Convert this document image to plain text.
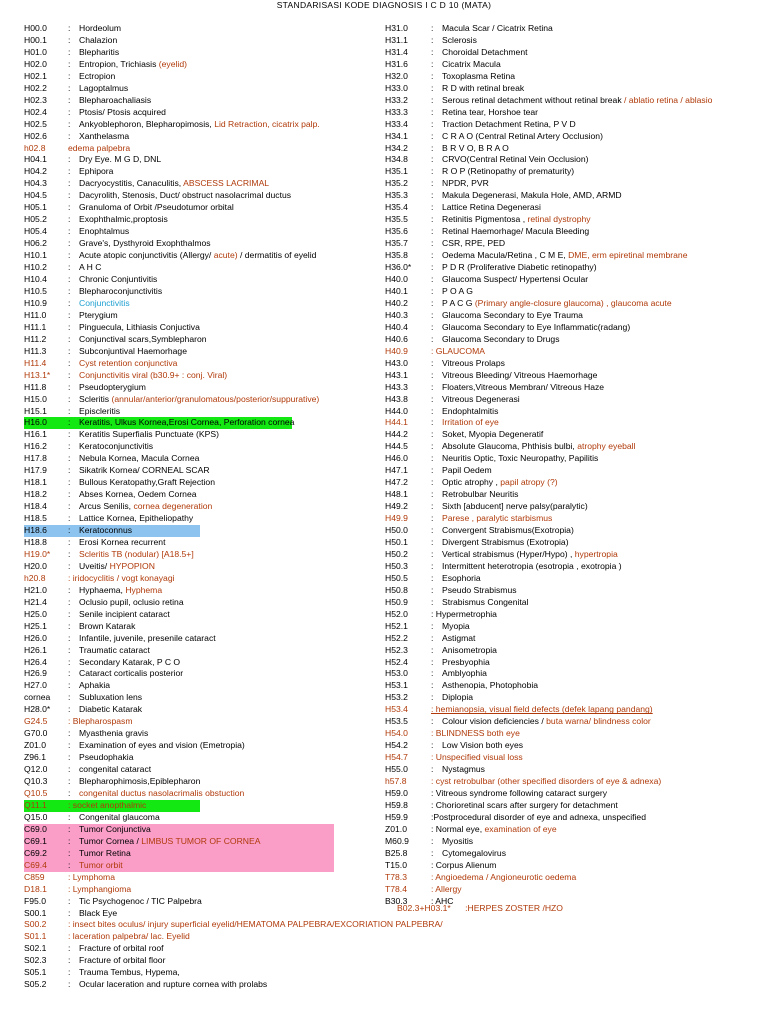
STANDARISASI KODE DIAGNOSIS I C D 10 (MATA)
H00.0 : Hordeolum
H00.1 : Chalazion
H01.0 : Blepharitis
H02.0 : Entropion, Trichiasis (eyelid)
H02.1 : Ectropion
H02.2 : Lagoptalmus
H02.3 : Blepharoachaliasis
H02.4 : Ptosis/ Ptosis acquired
H02.5 : Ankyoblephoron, Blepharopimosis, Lid Retraction, cicatrix palp.
H02.6 : Xanthelasma
h02.8	edema palpebra
H04.1 : Dry Eye. M G D, DNL
H04.2 : Ephipora
H04.3 : Dacryocystitis, Canaculitis, ABSCESS LACRIMAL
H04.5 : Dacyrolith, Stenosis, Duct/ obstruct nasolacrimal ductus
H05.1 : Granuloma of Orbit /Pseudotumor orbital
H05.2 : Exophthalmic,proptosis
H05.4 : Enophtalmus
H06.2 : Grave's, Dysthyroid Exophthalmos
H10.1 : Acute atopic conjunctivitis (Allergy/ acute) / dermatitis of eyelid
H10.2 : A H C
H10.4 : Chronic Conjuntivitis
H10.5 : Blepharoconjunctivitis
H10.9 : Conjunctivitis
H11.0	: Pterygium
H11.1	: Pinguecula, Lithiasis Conjuctiva
H11.2	: Conjunctival scars,Symblepharon
H11.3	: Subconjuntival Haemorhage
H11.4	: Cyst retention conjunctiva
H13.1* : Conjunctivitis viral (b30.9+ : conj. Viral)
H11.8	: Pseudopterygium
H15.0 : Scleritis (annular/anterior/granulomatous/posterior/suppurative)
H15.1 : Episcleritis
H16.0 : Keratitis, Ulkus Kornea,Erosi Cornea, Perforation cornea
H16.1 : Keratitis Superfialis Punctuate (KPS)
H16.2 : Keratoconjunctivitis
H17.8 : Nebula Kornea, Macula Cornea
H17.9 : Sikatrik Kornea/ CORNEAL SCAR
H18.1 : Bullous Keratopathy,Graft Rejection
H18.2 : Abses Kornea, Oedem Cornea
H18.4 : Arcus Senilis, cornea degeneration
H18.5 : Lattice Kornea, Epitheliopathy
H18.6 : Keratoconnus
H18.8 : Erosi Kornea recurrent
H19.0* : Scleritis TB (nodular) [A18.5+]
H20.0 : Uveitis/ HYPOPION
h20.8	: iridocyclitis / vogt konayagi
H21.0 : Hyphaema, Hyphema
H21.4 : Oclusio pupil, oclusio retina
H25.0 : Senile incipient cataract
H25.1 : Brown Katarak
H26.0 : Infantile, juvenile, presenile cataract
H26.1 : Traumatic cataract
H26.4 : Secondary Katarak, P C O
H26.9 : Cataract corticalis posterior
H27.0 : Aphakia
cornea : Subluxation lens
H28.0* : Diabetic Katarak
G24.5 : Blepharospasm
G70.0 : Myasthenia gravis
Z01.0	: Examination of eyes and vision (Emetropia)
Z96.1	: Pseudophakia
Q12.0 : congenital cataract
Q10.3 : Blepharophimosis,Epiblepharon
Q10.5 : congenital ductus nasolacrimalis obstuction
Q11.1 : socket anopthalmic
Q15.0 : Congenital glaucoma
C69.0 : Tumor Conjunctiva
C69.1 : Tumor Cornea / LIMBUS TUMOR OF CORNEA
C69.2 : Tumor Retina
C69.4 : Tumor orbit
C859	: Lymphoma
D18.1 : Lymphangioma
F95.0	: Tic Psychogenoc / TIC Palpebra
S00.1	: Black Eye
S00.2	: insect bites oculus/ injury superficial eyelid/HEMATOMA PALPEBRA/EXCORIATION PALPEBRA/
S01.1	: laceration palpebra/ lac. Eyelid
S02.1	: Fracture of orbital roof
S02.3	: Fracture of orbital floor
S05.1	: Trauma Tembus, Hypema,
S05.2	: Ocular laceration and rupture cornea with prolabs
H31.0	: Macula Scar / Cicatrix Retina
H31.1	: Sclerosis
H31.4	: Choroidal Detachment
H31.6	: Cicatrix Macula
H32.0	: Toxoplasma Retina
H33.0	: R D with retinal break
H33.2	: Serous retinal detachment without retinal break / ablatio retina / ablasio
H33.3	: Retina tear, Horshoe tear
H33.4	: Traction Detachment Retina, P V D
H34.1	: C R A O (Central Retinal Artery Occlusion)
H34.2	: B R V O, B R A O
H34.8	: CRVO(Central Retinal Vein Occlusion)
H35.1	: R O P (Retinopathy of prematurity)
H35.2	: NPDR, PVR
H35.3	: Makula Degenerasi, Makula Hole, AMD, ARMD
H35.4	: Lattice Retina Degenerasi
H35.5	: Retinitis Pigmentosa , retinal dystrophy
H35.6	: Retinal Haemorhage/ Macula Bleeding
H35.7	: CSR, RPE, PED
H35.8	: Oedema Macula/Retina , C M E, DME, erm epiretinal membrane
H36.0* : P D R (Proliferative Diabetic retinopathy)
H40.0	: Glaucoma Suspect/ Hypertensi Ocular
H40.1	: P O A G
H40.2	: P A C G (Primary angle-closure glaucoma) , glaucoma acute
H40.3	: Glaucoma Secondary to Eye Trauma
H40.4	: Glaucoma Secondary to Eye Inflammatic(radang)
H40.6	: Glaucoma Secondary to Drugs
H40.9	: GLAUCOMA
H43.0	: Vitreous Prolaps
H43.1	: Vitreous Bleeding/ Vitreous Haemorhage
H43.3	: Floaters,Vitreous Membran/ Vitreous Haze
H43.8	: Vitreous Degenerasi
H44.0	: Endophtalmitis
H44.1	: Irritation of eye
H44.2	: Soket, Myopia Degeneratif
H44.5	: Absolute Glaucoma, Phthisis bulbi, atrophy eyeball
H46.0	: Neuritis Optic, Toxic Neuropathy, Papilitis
H47.1	: Papil Oedem
H47.2	: Optic atrophy , papil atropy (?)
H48.1	: Retrobulbar Neuritis
H49.2	: Sixth [abducent] nerve palsy(paralytic)
H49.9	: Parese , paralytic starbismus
H50.0	: Convergent Strabismus(Exotropia)
H50.1	: Divergent Strabismus (Exotropia)
H50.2	: Vertical strabismus (Hyper/Hypo) , hypertropia
H50.3	: Intermittent heterotropia (esotropia , exotropia )
H50.5	: Esophoria
H50.8	: Pseudo Strabismus
H50.9	: Strabismus Congenital
H52.0	: Hypermetrophia
H52.1	: Myopia
H52.2	: Astigmat
H52.3	: Anisometropia
H52.4	: Presbyophia
H53.0	: Amblyophia
H53.1	: Asthenopia, Photophobia
H53.2	: Diplopia
H53.4	: hemianopsia, visual field defects (defek lapang pandang)
H53.5	: Colour vision deficiencies / buta warna/ blindness color
H54.0	: BLINDNESS both eye
H54.2	: Low Vision both eyes
H54.7	: Unspecified visual loss
H55.0	: Nystagmus
h57.8	: cyst retrobulbar (other specified disorders of eye & adnexa)
H59.0	: Vitreous syndrome following cataract surgery
H59.8	: Chorioretinal scars after surgery for detachment
H59.9	:Postprocedural disorder of eye and adnexa, unspecified
Z01.0	: Normal eye, examination of eye
M60.9	: Myositis
B25.8	: Cytomegalovirus
T15.0	: Corpus Alienum
T78.3	: Angioedema / Angioneurotic oedema
T78.4	: Allergy
B30.3	: AHC
B02.3+H03.1* :HERPES ZOSTER /HZO
